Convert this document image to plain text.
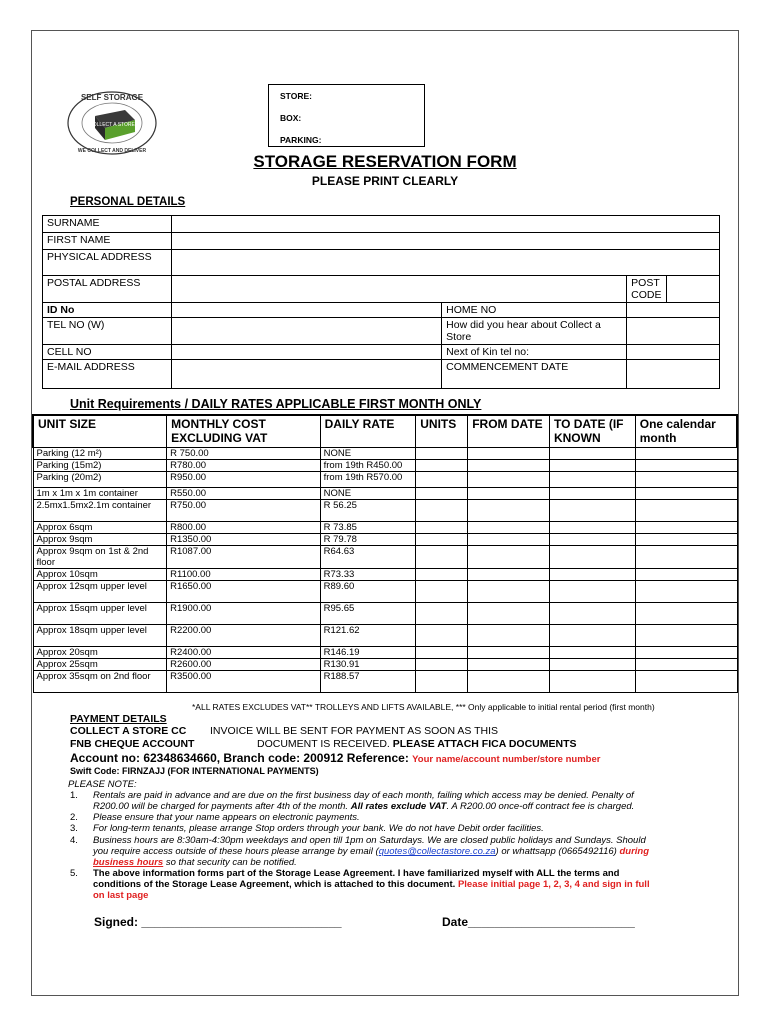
SELF STORAGE
COLLECT A STORE
WE COLLECT AND DELIVER
STORE:
BOX:
PARKING:
STORAGE RESERVATION FORM
PLEASE PRINT CLEARLY
PERSONAL DETAILS
SURNAME				
FIRST NAME				
PHYSICAL ADDRESS				
POSTAL ADDRESS			POST CODE	
ID No		HOME NO		
TEL NO (W)		How did you hear about Collect a Store		
CELL NO		Next of Kin tel no:		
E-MAIL ADDRESS		COMMENCEMENT DATE		
Unit Requirements / DAILY RATES APPLICABLE FIRST MONTH ONLY
UNIT SIZE	MONTHLY COST EXCLUDING VAT	DAILY RATE	UNITS	FROM DATE	TO DATE (IF KNOWN	One calendar month
Parking (12 m²)	R 750.00	NONE				
Parking (15m2)	R780.00	from 19th R450.00				
Parking (20m2)	R950.00	from 19th R570.00				
1m x 1m x 1m container	R550.00	NONE				
2.5mx1.5mx2.1m container	R750.00	R 56.25				
Approx 6sqm	R800.00	R 73.85				
Approx 9sqm	R1350.00	R 79.78				
Approx 9sqm on 1st & 2nd floor	R1087.00	R64.63				
Approx 10sqm	R1100.00	R73.33				
Approx 12sqm upper level	R1650.00	R89.60				
Approx 15sqm upper level	R1900.00	R95.65				
Approx 18sqm upper level	R2200.00	R121.62				
Approx 20sqm	R2400.00	R146.19				
Approx 25sqm	R2600.00	R130.91				
Approx 35sqm on 2nd floor	R3500.00	R188.57				
*ALL RATES EXCLUDES VAT** TROLLEYS AND LIFTS AVAILABLE, *** Only applicable to initial rental period (first month)
PAYMENT DETAILS
COLLECT A STORE CC INVOICE WILL BE SENT FOR PAYMENT AS SOON AS THIS
FNB CHEQUE ACCOUNT	DOCUMENT IS RECEIVED. PLEASE ATTACH FICA DOCUMENTS
Account no: 62348634660, Branch code: 200912 Reference: Your name/account number/store number
Swift Code: FIRNZAJJ (FOR INTERNATIONAL PAYMENTS)
PLEASE NOTE:
1. Rentals are paid in advance and are due on the first business day of each month, failing which access may be denied. Penalty of
R200.00 will be charged for payments after 4th of the month. All rates exclude VAT. A R200.00 once-off contract fee is charged.
2. Please ensure that your name appears on electronic payments.
3. For long-term tenants, please arrange Stop orders through your bank. We do not have Debit order facilities.
4. Business hours are 8:30am-4:30pm weekdays and open till 1pm on Saturdays. We are closed public holidays and Sundays. Should
you require access outside of these hours please arrange by email (quotes@collectastore.co.za) or whattsapp (0665492116) during
business hours so that security can be notified.
5. The above information forms part of the Storage Lease Agreement. I have familiarized myself with ALL the terms and
conditions of the Storage Lease Agreement, which is attached to this document. Please initial page 1, 2, 3, 4 and sign in full
on last page
Signed: ______________________________	Date_________________________
